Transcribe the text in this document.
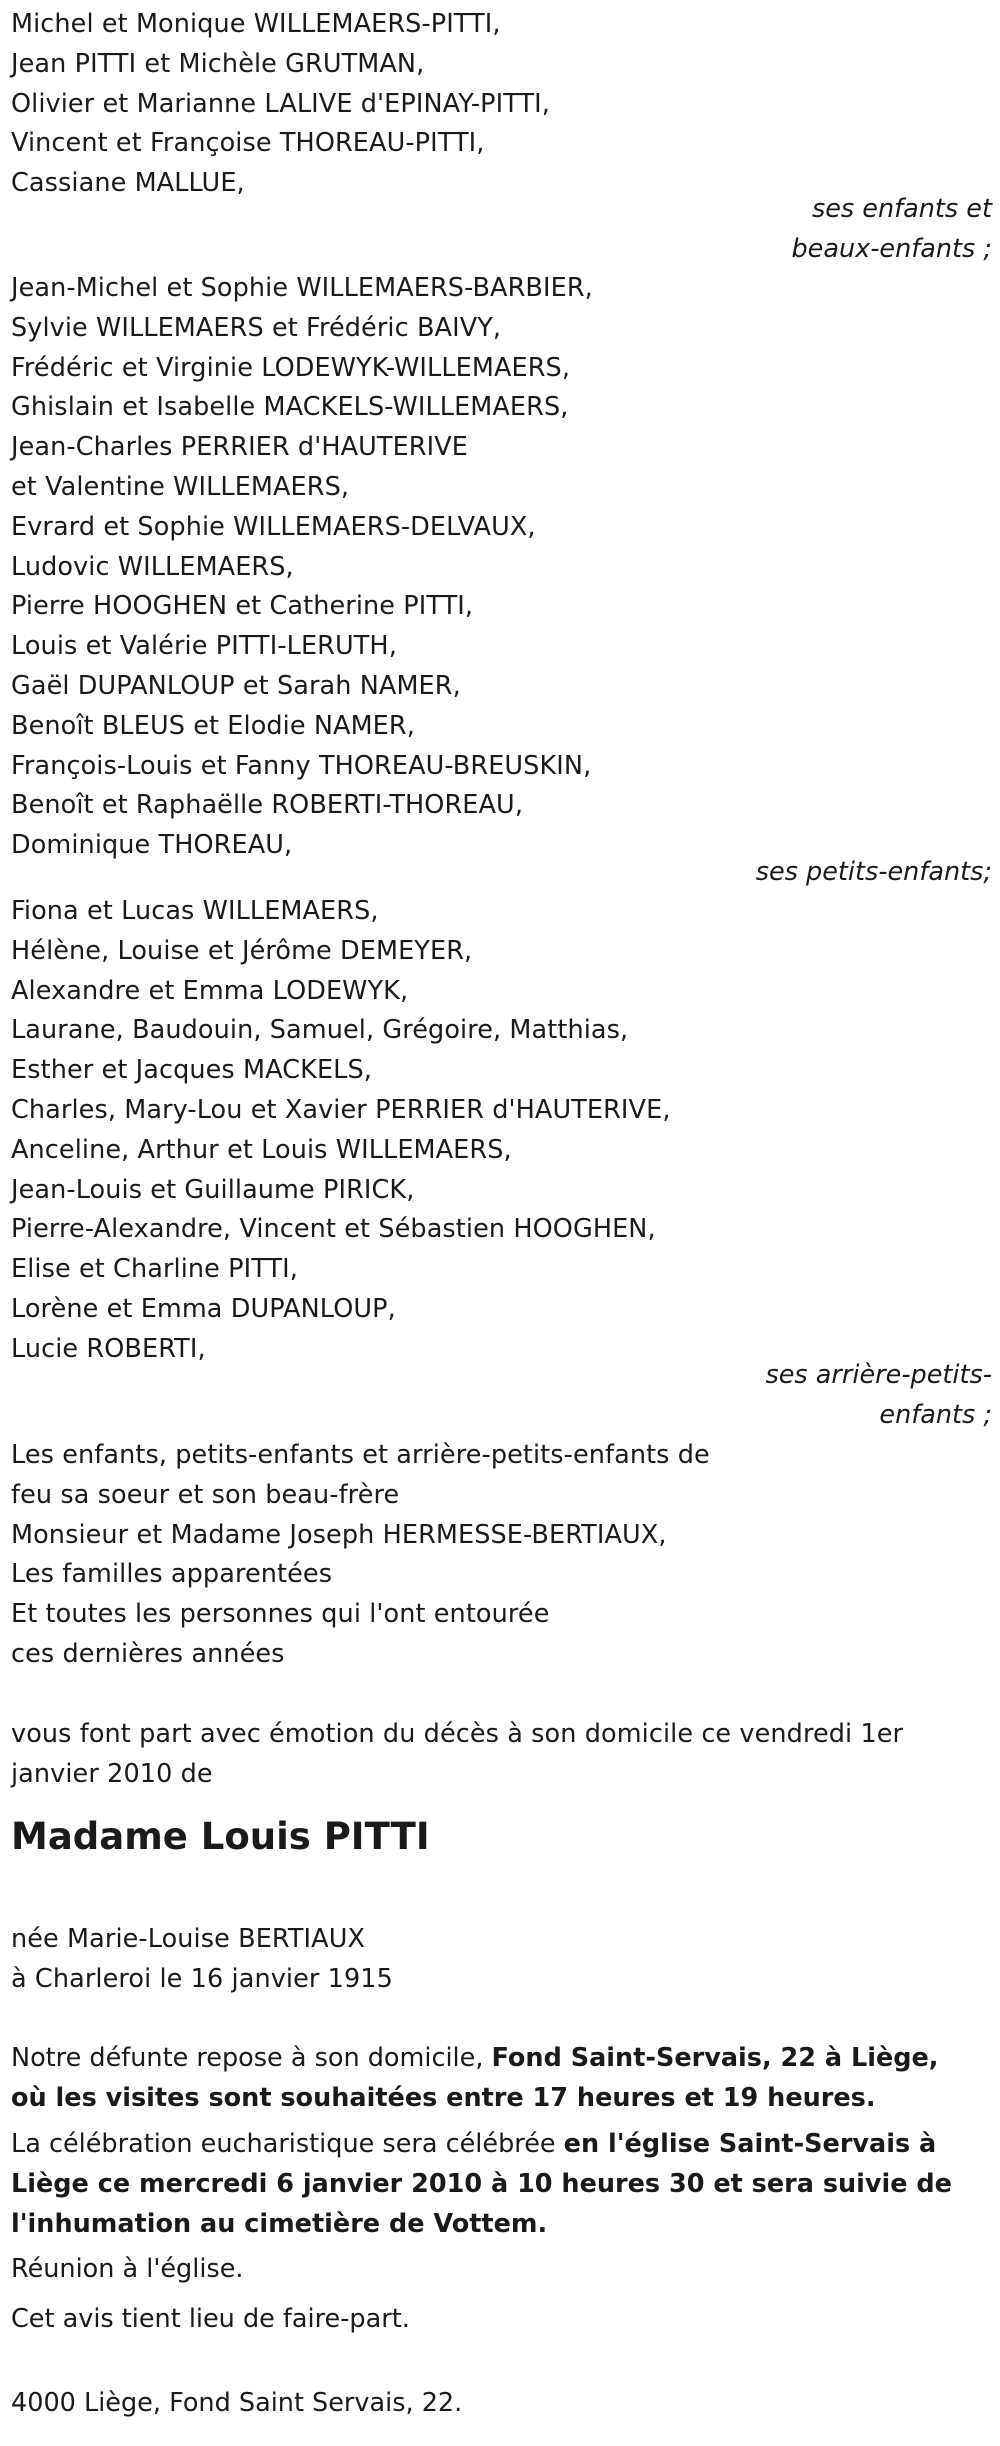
Michel et Monique WILLEMAERS-PITTI,
Jean PITTI et Michèle GRUTMAN,
Olivier et Marianne LALIVE d'EPINAY-PITTI,
Vincent et Françoise THOREAU-PITTI,
Cassiane MALLUE,
ses enfants et
beaux-enfants ;
Jean-Michel et Sophie WILLEMAERS-BARBIER,
Sylvie WILLEMAERS et Frédéric BAIVY,
Frédéric et Virginie LODEWYK-WILLEMAERS,
Ghislain et Isabelle MACKELS-WILLEMAERS,
Jean-Charles PERRIER d'HAUTERIVE
et Valentine WILLEMAERS,
Evrard et Sophie WILLEMAERS-DELVAUX,
Ludovic WILLEMAERS,
Pierre HOOGHEN et Catherine PITTI,
Louis et Valérie PITTI-LERUTH,
Gaël DUPANLOUP et Sarah NAMER,
Benoît BLEUS et Elodie NAMER,
François-Louis et Fanny THOREAU-BREUSKIN,
Benoît et Raphaëlle ROBERTI-THOREAU,
Dominique THOREAU,
ses petits-enfants;
Fiona et Lucas WILLEMAERS,
Hélène, Louise et Jérôme DEMEYER,
Alexandre et Emma LODEWYK,
Laurane, Baudouin, Samuel, Grégoire, Matthias,
Esther et Jacques MACKELS,
Charles, Mary-Lou et Xavier PERRIER d'HAUTERIVE,
Anceline, Arthur et Louis WILLEMAERS,
Jean-Louis et Guillaume PIRICK,
Pierre-Alexandre, Vincent et Sébastien HOOGHEN,
Elise et Charline PITTI,
Lorène et Emma DUPANLOUP,
Lucie ROBERTI,
ses arrière-petits-
enfants ;
Les enfants, petits-enfants et arrière-petits-enfants de
feu sa soeur et son beau-frère
Monsieur et Madame Joseph HERMESSE-BERTIAUX,
Les familles apparentées
Et toutes les personnes qui l'ont entourée
ces dernières années
vous font part avec émotion du décès à son domicile ce vendredi 1er
janvier 2010 de
Madame Louis PITTI
née Marie-Louise BERTIAUX
à Charleroi le 16 janvier 1915
Notre défunte repose à son domicile, Fond Saint-Servais, 22 à Liège, où les visites sont souhaitées entre 17 heures et 19 heures.
La célébration eucharistique sera célébrée en l'église Saint-Servais à Liège ce mercredi 6 janvier 2010 à 10 heures 30 et sera suivie de l'inhumation au cimetière de Vottem.
Réunion à l'église.
Cet avis tient lieu de faire-part.
4000 Liège, Fond Saint Servais, 22.
